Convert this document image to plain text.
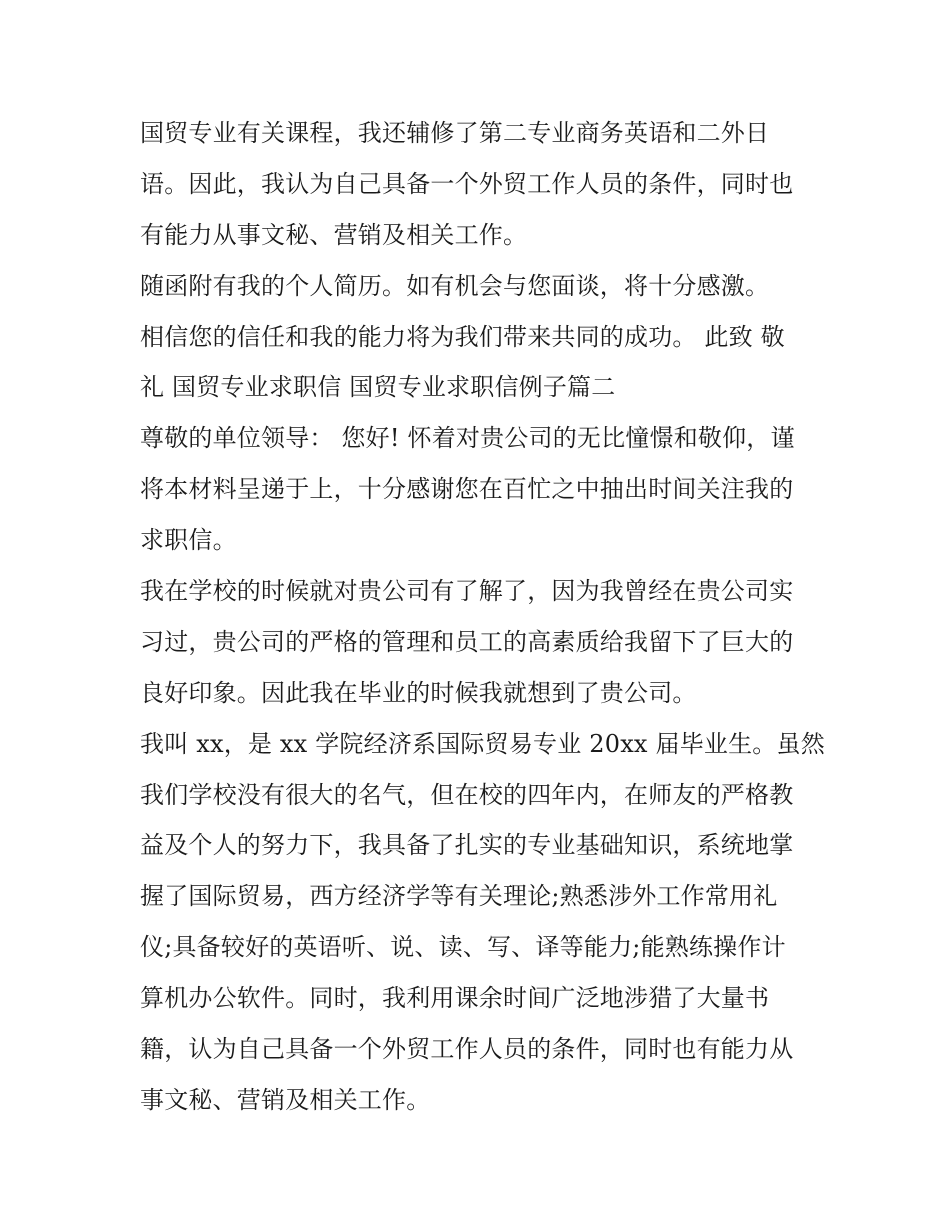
国贸专业有关课程，我还辅修了第二专业商务英语和二外日
语。因此，我认为自己具备一个外贸工作人员的条件，同时也
有能力从事文秘、营销及相关工作。
随函附有我的个人简历。如有机会与您面谈，将十分感激。
相信您的信任和我的能力将为我们带来共同的成功。 此致 敬
礼 国贸专业求职信 国贸专业求职信例子篇二
尊敬的单位领导： 您好! 怀着对贵公司的无比憧憬和敬仰，谨
将本材料呈递于上，十分感谢您在百忙之中抽出时间关注我的
求职信。
我在学校的时候就对贵公司有了解了，因为我曾经在贵公司实
习过，贵公司的严格的管理和员工的高素质给我留下了巨大的
良好印象。因此我在毕业的时候我就想到了贵公司。
我叫 xx，是 xx 学院经济系国际贸易专业 20xx 届毕业生。虽然
我们学校没有很大的名气，但在校的四年内，在师友的严格教
益及个人的努力下，我具备了扎实的专业基础知识，系统地掌
握了国际贸易，西方经济学等有关理论;熟悉涉外工作常用礼
仪;具备较好的英语听、说、读、写、译等能力;能熟练操作计
算机办公软件。同时，我利用课余时间广泛地涉猎了大量书
籍，认为自己具备一个外贸工作人员的条件，同时也有能力从
事文秘、营销及相关工作。
